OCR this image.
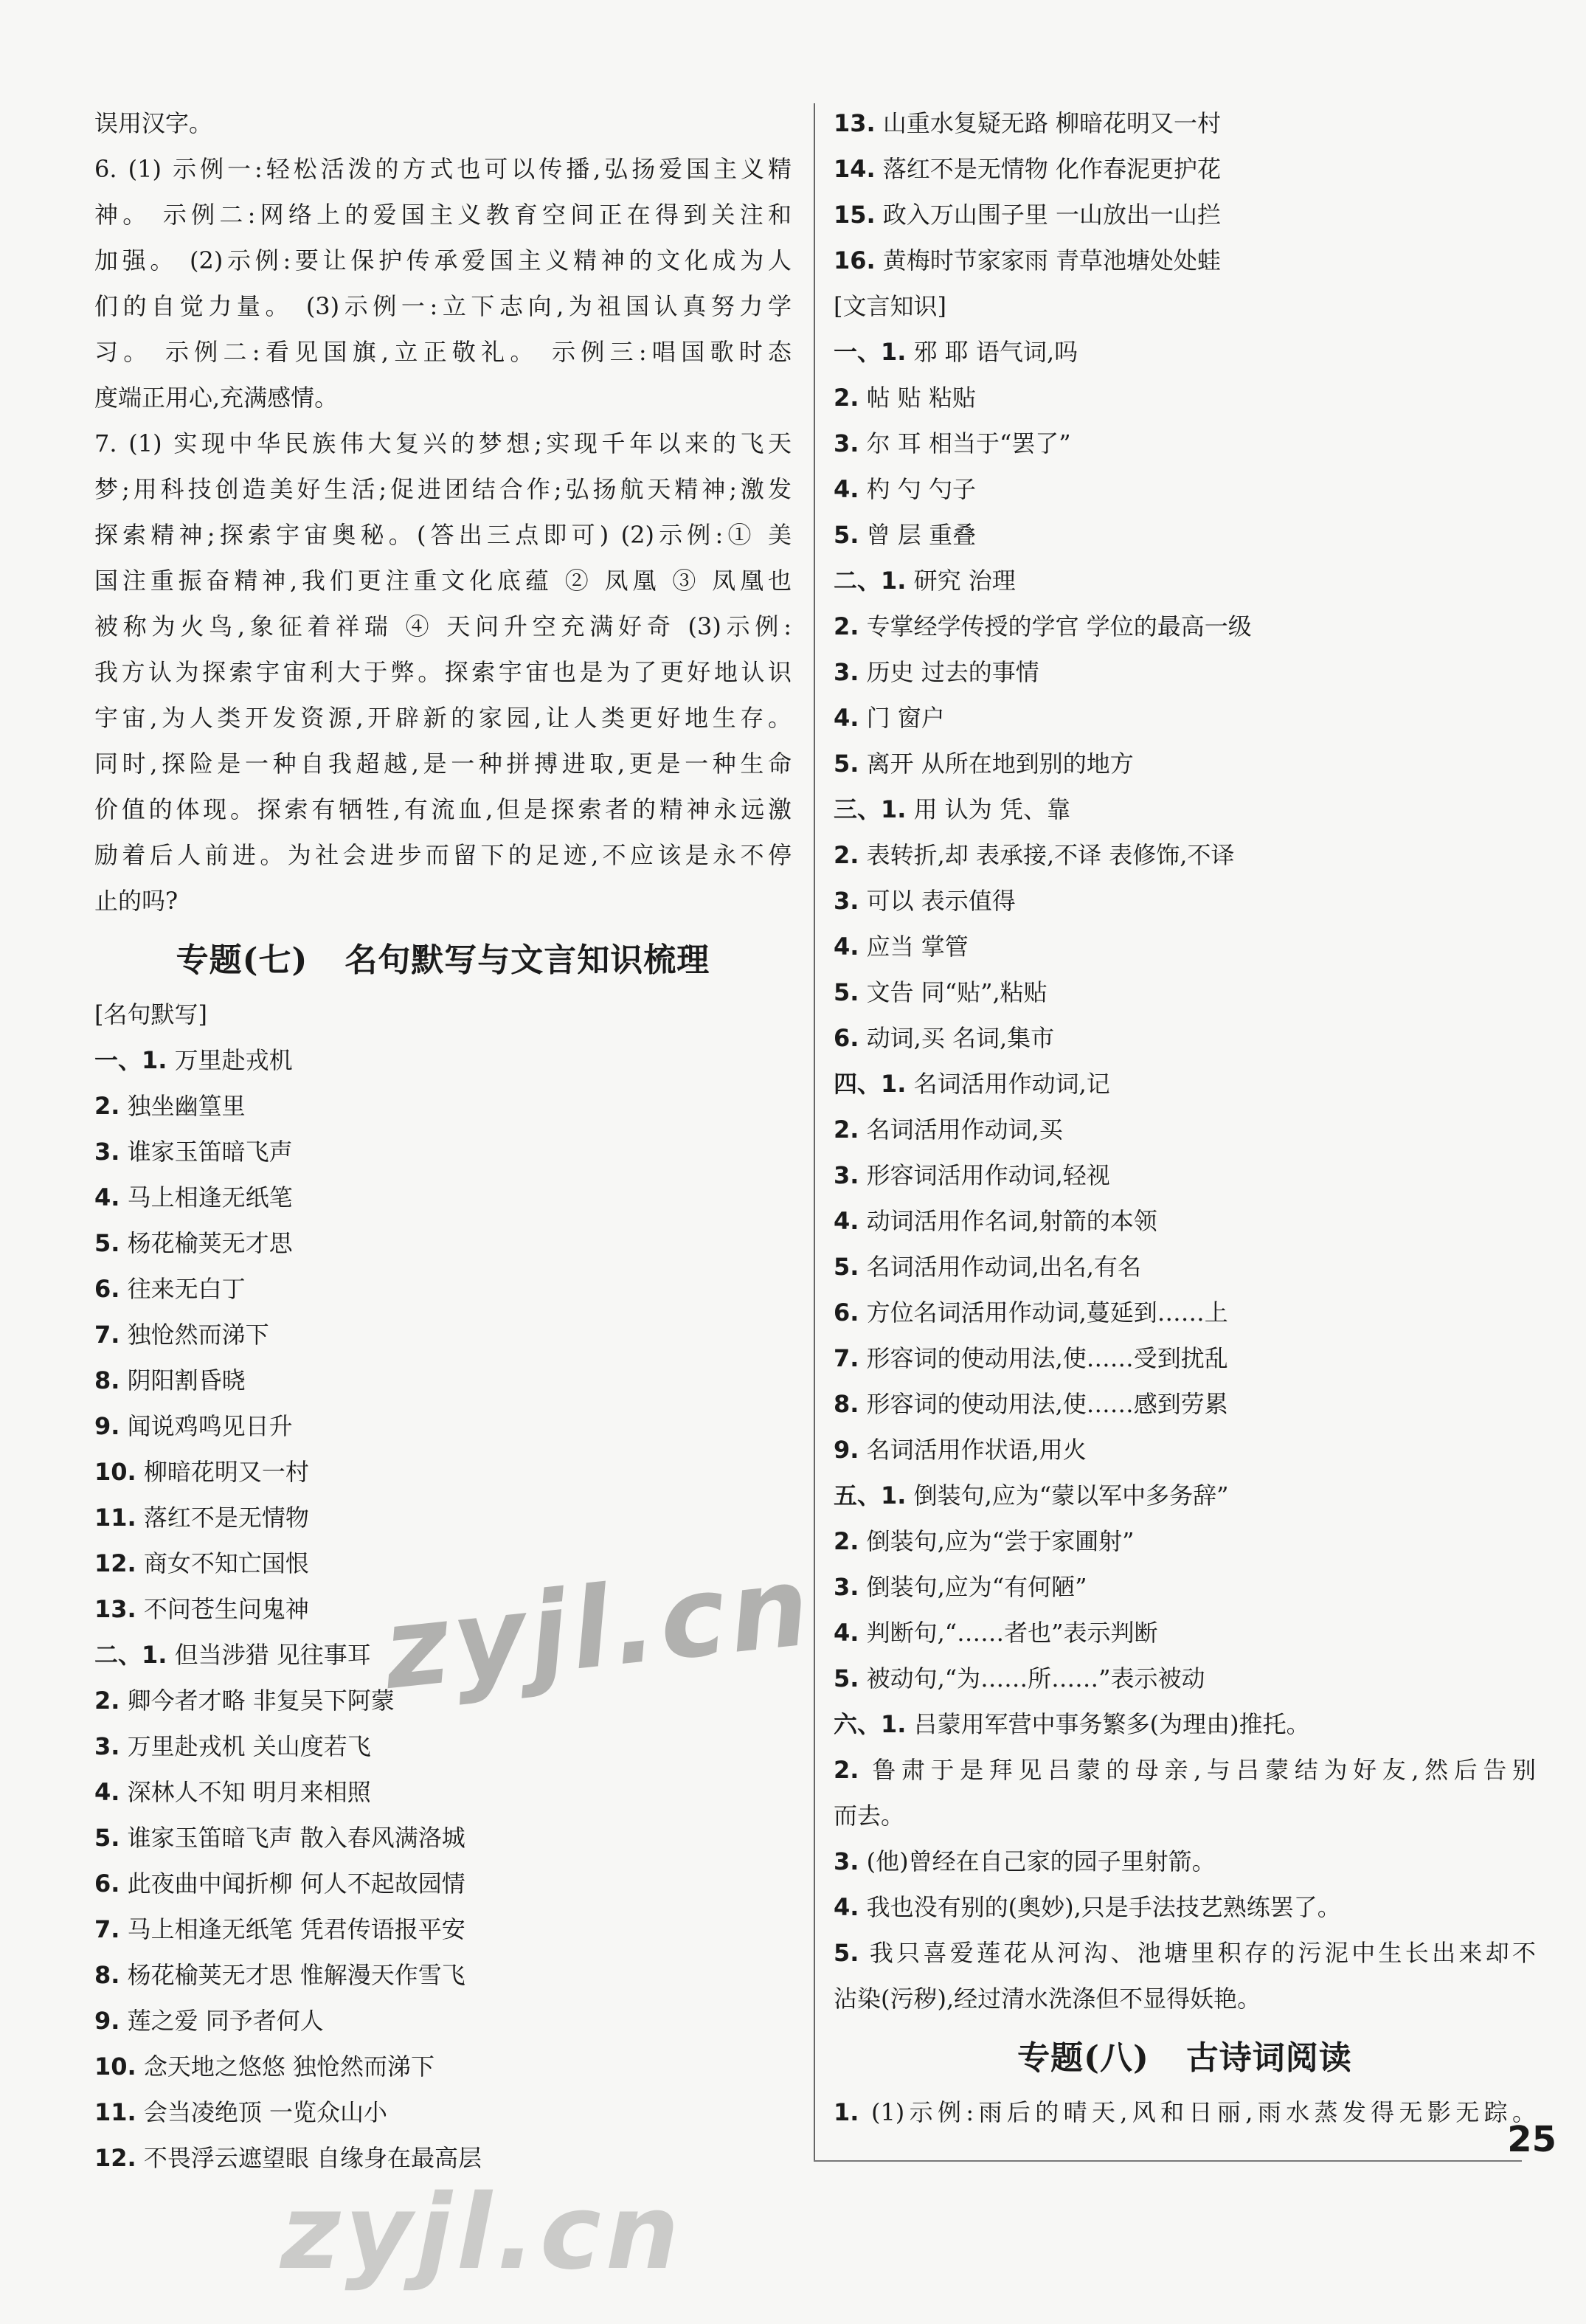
误用汉字。
6. (1) 示例一:轻松活泼的方式也可以传播,弘扬爱国主义精
神。 示例二:网络上的爱国主义教育空间正在得到关注和
加强。 (2)示例:要让保护传承爱国主义精神的文化成为人
们的自觉力量。 (3)示例一:立下志向,为祖国认真努力学
习。 示例二:看见国旗,立正敬礼。 示例三:唱国歌时态
度端正用心,充满感情。
7. (1) 实现中华民族伟大复兴的梦想;实现千年以来的飞天
梦;用科技创造美好生活;促进团结合作;弘扬航天精神;激发
探索精神;探索宇宙奥秘。(答出三点即可) (2)示例:① 美
国注重振奋精神,我们更注重文化底蕴 ② 凤凰 ③ 凤凰也
被称为火鸟,象征着祥瑞 ④ 天问升空充满好奇 (3)示例:
我方认为探索宇宙利大于弊。探索宇宙也是为了更好地认识
宇宙,为人类开发资源,开辟新的家园,让人类更好地生存。
同时,探险是一种自我超越,是一种拼搏进取,更是一种生命
价值的体现。探索有牺牲,有流血,但是探索者的精神永远激
励着后人前进。为社会进步而留下的足迹,不应该是永不停
止的吗?
专题(七) 名句默写与文言知识梳理
[名句默写]
一、1. 万里赴戎机
2. 独坐幽篁里
3. 谁家玉笛暗飞声
4. 马上相逢无纸笔
5. 杨花榆荚无才思
6. 往来无白丁
7. 独怆然而涕下
8. 阴阳割昏晓
9. 闻说鸡鸣见日升
10. 柳暗花明又一村
11. 落红不是无情物
12. 商女不知亡国恨
13. 不问苍生问鬼神
二、1. 但当涉猎 见往事耳
2. 卿今者才略 非复吴下阿蒙
3. 万里赴戎机 关山度若飞
4. 深林人不知 明月来相照
5. 谁家玉笛暗飞声 散入春风满洛城
6. 此夜曲中闻折柳 何人不起故园情
7. 马上相逢无纸笔 凭君传语报平安
8. 杨花榆荚无才思 惟解漫天作雪飞
9. 莲之爱 同予者何人
10. 念天地之悠悠 独怆然而涕下
11. 会当凌绝顶 一览众山小
12. 不畏浮云遮望眼 自缘身在最高层
13. 山重水复疑无路 柳暗花明又一村
14. 落红不是无情物 化作春泥更护花
15. 政入万山围子里 一山放出一山拦
16. 黄梅时节家家雨 青草池塘处处蛙
[文言知识]
一、1. 邪 耶 语气词,吗
2. 帖 贴 粘贴
3. 尔 耳 相当于“罢了”
4. 杓 勺 勺子
5. 曾 层 重叠
二、1. 研究 治理
2. 专掌经学传授的学官 学位的最高一级
3. 历史 过去的事情
4. 门 窗户
5. 离开 从所在地到别的地方
三、1. 用 认为 凭、靠
2. 表转折,却 表承接,不译 表修饰,不译
3. 可以 表示值得
4. 应当 掌管
5. 文告 同“贴”,粘贴
6. 动词,买 名词,集市
四、1. 名词活用作动词,记
2. 名词活用作动词,买
3. 形容词活用作动词,轻视
4. 动词活用作名词,射箭的本领
5. 名词活用作动词,出名,有名
6. 方位名词活用作动词,蔓延到……上
7. 形容词的使动用法,使……受到扰乱
8. 形容词的使动用法,使……感到劳累
9. 名词活用作状语,用火
五、1. 倒装句,应为“蒙以军中多务辞”
2. 倒装句,应为“尝于家圃射”
3. 倒装句,应为“有何陋”
4. 判断句,“……者也”表示判断
5. 被动句,“为……所……”表示被动
六、1. 吕蒙用军营中事务繁多(为理由)推托。
2. 鲁肃于是拜见吕蒙的母亲,与吕蒙结为好友,然后告别
而去。
3. (他)曾经在自己家的园子里射箭。
4. 我也没有别的(奥妙),只是手法技艺熟练罢了。
5. 我只喜爱莲花从河沟、池塘里积存的污泥中生长出来却不
沾染(污秽),经过清水洗涤但不显得妖艳。
专题(八) 古诗词阅读
1. (1)示例:雨后的晴天,风和日丽,雨水蒸发得无影无踪。
25
zyjl.cn
zyjl.cn
